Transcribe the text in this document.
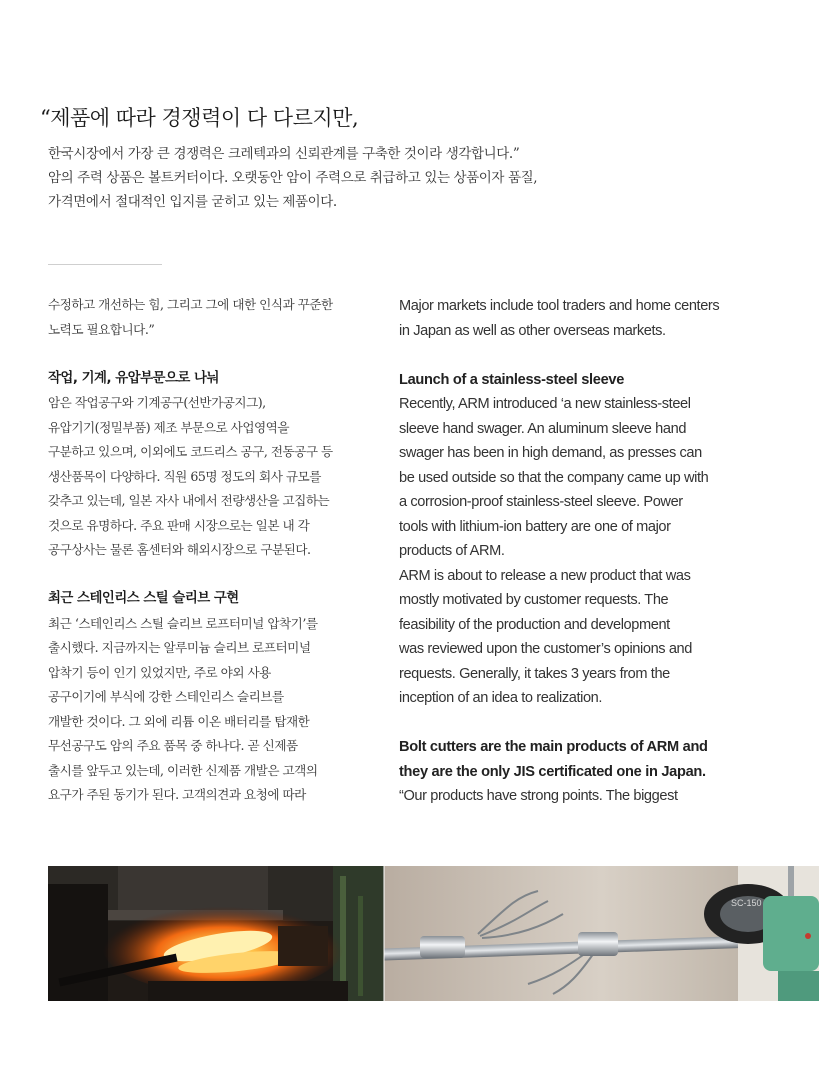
“제품에 따라 경쟁력이 다 다르지만,

한국시장에서 가장 큰 경쟁력은 크레텍과의 신뢰관계를 구축한 것이라 생각합니다.”

암의 주력 상품은 볼트커터이다. 오랫동안 암이 주력으로 취급하고 있는 상품이자 품질,

가격면에서 절대적인 입지를 굳히고 있는 제품이다.

수정하고 개선하는 힘, 그리고 그에 대한 인식과 꾸준한

노력도 필요합니다.”

작업, 기계, 유압부문으로 나눠

암은 작업공구와 기계공구(선반가공지그),

유압기기(정밀부품) 제조 부문으로 사업영역을

구분하고 있으며, 이외에도 코드리스 공구, 전동공구 등

생산품목이 다양하다. 직원 65명 정도의 회사 규모를

갖추고 있는데, 일본 자사 내에서 전량생산을 고집하는

것으로 유명하다. 주요 판매 시장으로는 일본 내 각

공구상사는 물론 홈센터와 해외시장으로 구분된다.

최근 스테인리스 스틸 슬리브 구현

최근 ‘스테인리스 스틸 슬리브 로프터미널 압착기’를

출시했다. 지금까지는 알루미늄 슬리브 로프터미널

압착기 등이 인기 있었지만, 주로 야외 사용

공구이기에 부식에 강한 스테인리스 슬리브를

개발한 것이다. 그 외에 리튬 이온 배터리를 탑재한

무선공구도 암의 주요 품목 중 하나다. 곧 신제품

출시를 앞두고 있는데, 이러한 신제품 개발은 고객의

요구가 주된 동기가 된다. 고객의견과 요청에 따라

Major markets include tool traders and home centers

in Japan as well as other overseas markets.

Launch of a stainless-steel sleeve

Recently, ARM introduced ‘a new stainless-steel

sleeve hand swager. An aluminum sleeve hand

swager has been in high demand, as presses can

be used outside so that the company came up with

a corrosion-proof stainless-steel sleeve. Power

tools with lithium-ion battery are one of major

products of ARM.

ARM is about to release a new product that was

mostly motivated by customer requests. The

feasibility of the production and development

was reviewed upon the customer’s opinions and

requests. Generally, it takes 3 years from the

inception of an idea to realization.

Bolt cutters are the main products of ARM and
they are the only JIS certificated one in Japan.

“Our products have strong points. The biggest

SC-150
